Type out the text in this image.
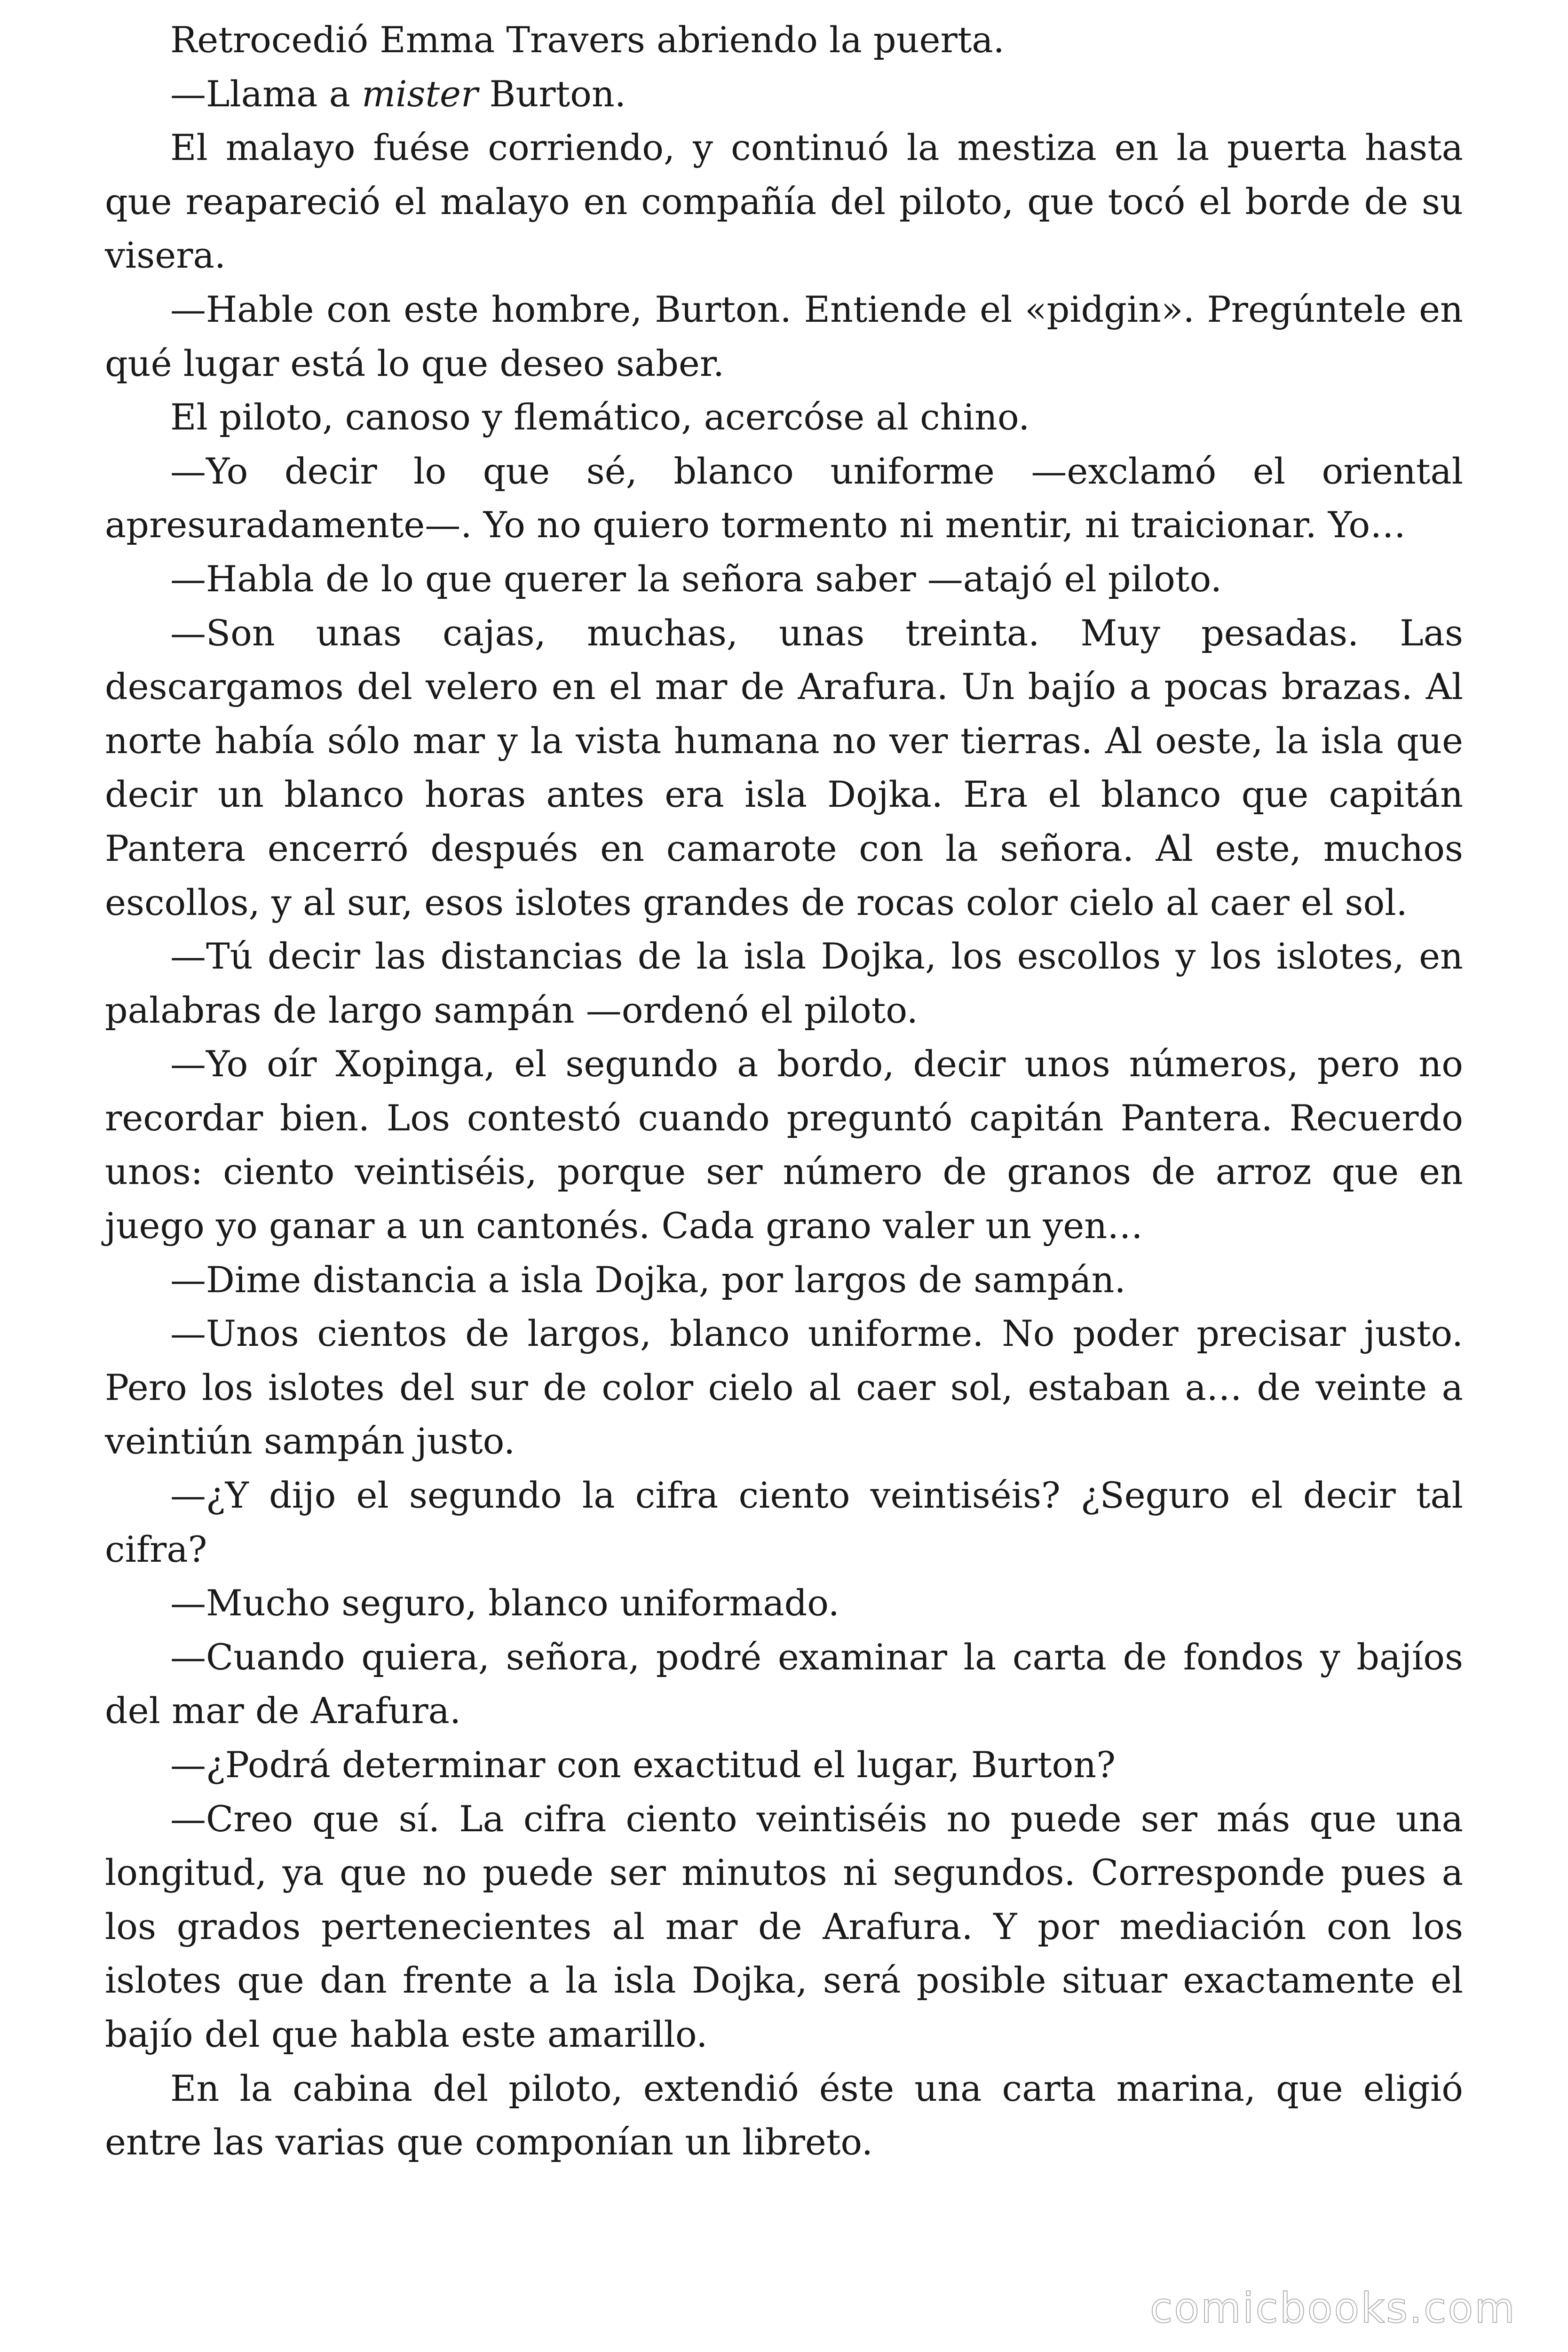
Retrocedió Emma Travers abriendo la puerta.

—Llama a mister Burton.

El malayo fuése corriendo, y continuó la mestiza en la puerta hasta que reapareció el malayo en compañía del piloto, que tocó el borde de su visera.

—Hable con este hombre, Burton. Entiende el «pidgin». Pregúntele en qué lugar está lo que deseo saber.

El piloto, canoso y flemático, acercóse al chino.

—Yo decir lo que sé, blanco uniforme —exclamó el oriental apresuradamente—. Yo no quiero tormento ni mentir, ni traicionar. Yo…

—Habla de lo que querer la señora saber —atajó el piloto.

—Son unas cajas, muchas, unas treinta. Muy pesadas. Las descargamos del velero en el mar de Arafura. Un bajío a pocas brazas. Al norte había sólo mar y la vista humana no ver tierras. Al oeste, la isla que decir un blanco horas antes era isla Dojka. Era el blanco que capitán Pantera encerró después en camarote con la señora. Al este, muchos escollos, y al sur, esos islotes grandes de rocas color cielo al caer el sol.

—Tú decir las distancias de la isla Dojka, los escollos y los islotes, en palabras de largo sampán —ordenó el piloto.

—Yo oír Xopinga, el segundo a bordo, decir unos números, pero no recordar bien. Los contestó cuando preguntó capitán Pantera. Recuerdo unos: ciento veintiséis, porque ser número de granos de arroz que en juego yo ganar a un cantonés. Cada grano valer un yen…

—Dime distancia a isla Dojka, por largos de sampán.

—Unos cientos de largos, blanco uniforme. No poder precisar justo. Pero los islotes del sur de color cielo al caer sol, estaban a… de veinte a veintiún sampán justo.

—¿Y dijo el segundo la cifra ciento veintiséis? ¿Seguro el decir tal cifra?

—Mucho seguro, blanco uniformado.

—Cuando quiera, señora, podré examinar la carta de fondos y bajíos del mar de Arafura.

—¿Podrá determinar con exactitud el lugar, Burton?

—Creo que sí. La cifra ciento veintiséis no puede ser más que una longitud, ya que no puede ser minutos ni segundos. Corresponde pues a los grados pertenecientes al mar de Arafura. Y por mediación con los islotes que dan frente a la isla Dojka, será posible situar exactamente el bajío del que habla este amarillo.

En la cabina del piloto, extendió éste una carta marina, que eligió entre las varias que componían un libreto.

comicbooks.com
